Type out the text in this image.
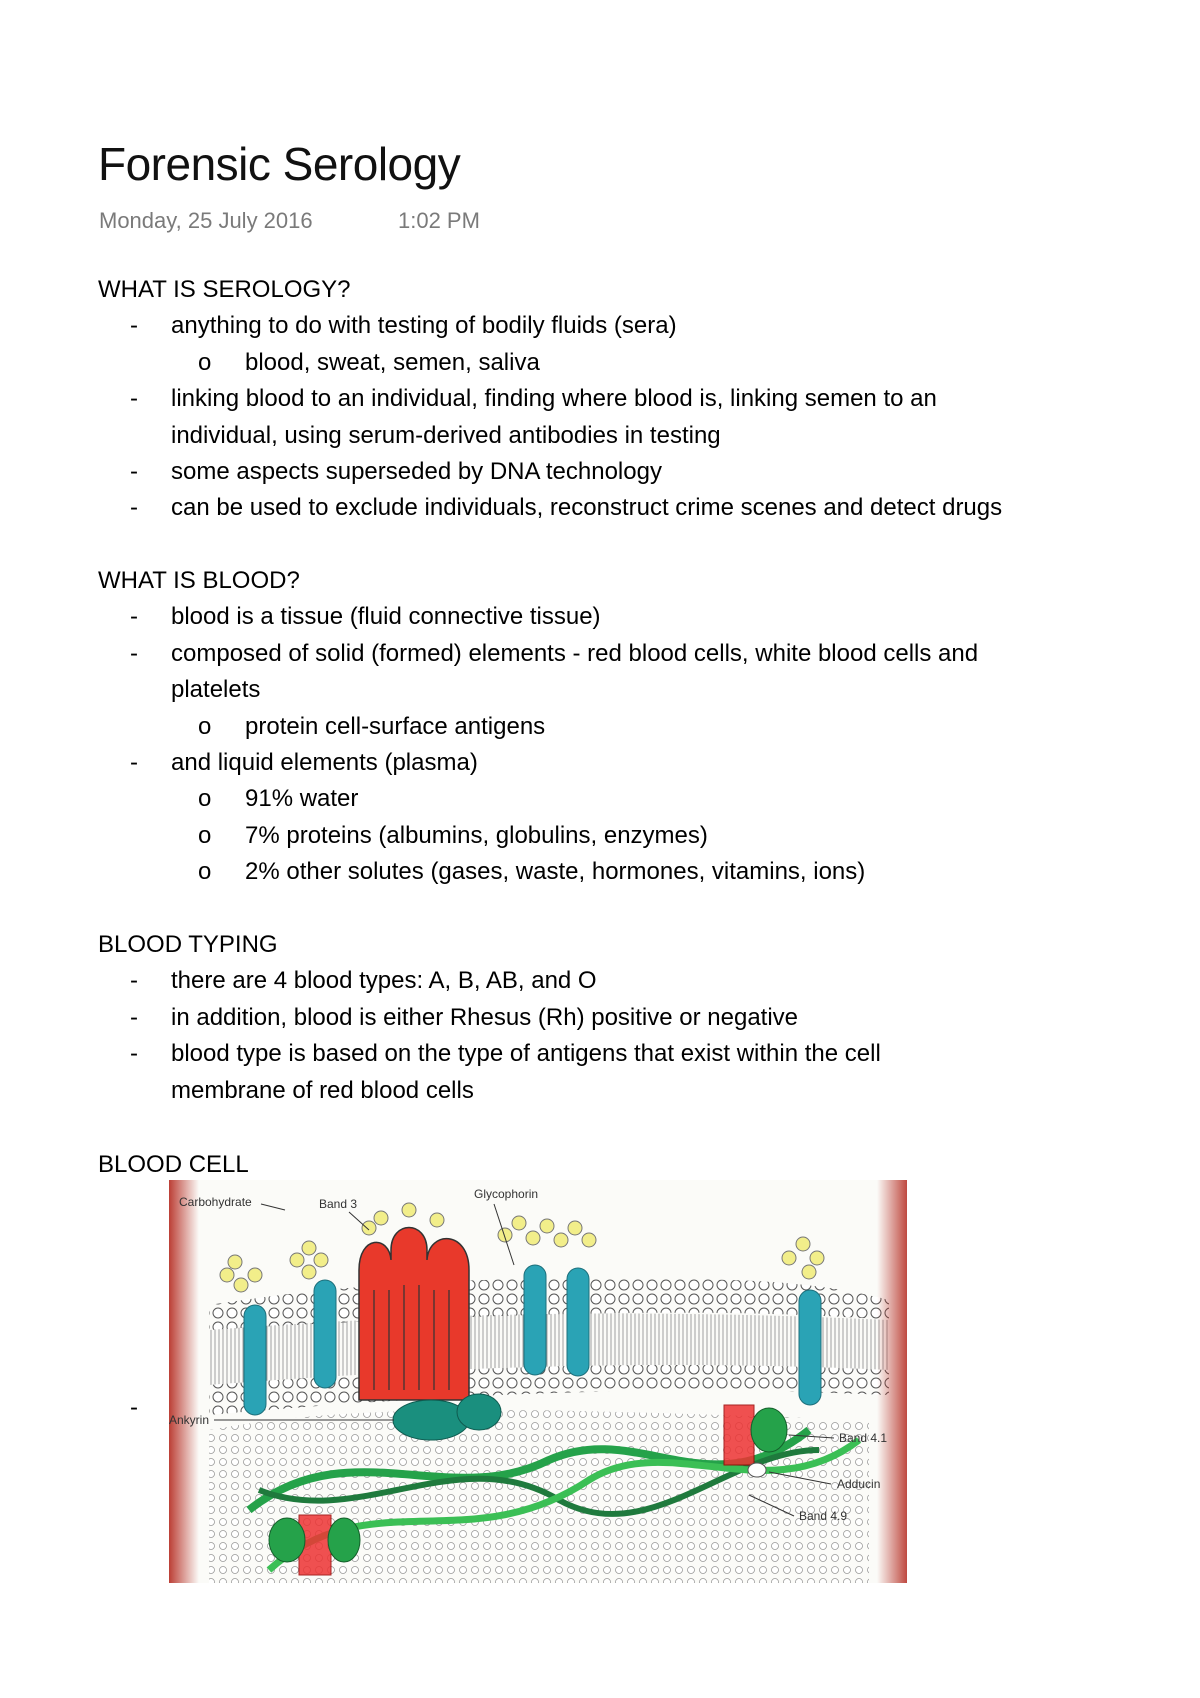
Forensic Serology
Monday, 25 July 2016	1:02 PM
WHAT IS SEROLOGY?
- anything to do with testing of bodily fluids (sera)
o blood, sweat, semen, saliva
- linking blood to an individual, finding where blood is, linking semen to an
individual, using serum-derived antibodies in testing
- some aspects superseded by DNA technology
- can be used to exclude individuals, reconstruct crime scenes and detect drugs
WHAT IS BLOOD?
- blood is a tissue (fluid connective tissue)
- composed of solid (formed) elements - red blood cells, white blood cells and
platelets
o protein cell-surface antigens
- and liquid elements (plasma)
o 91% water
o 7% proteins (albumins, globulins, enzymes)
o 2% other solutes (gases, waste, hormones, vitamins, ions)
BLOOD TYPING
- there are 4 blood types: A, B, AB, and O
- in addition, blood is either Rhesus (Rh) positive or negative
- blood type is based on the type of antigens that exist within the cell
membrane of red blood cells
BLOOD CELL
-
Carbohydrate	Band 3
Glycophorin
Ankyrin
Band 4.1
Adducin
Band 4.9
